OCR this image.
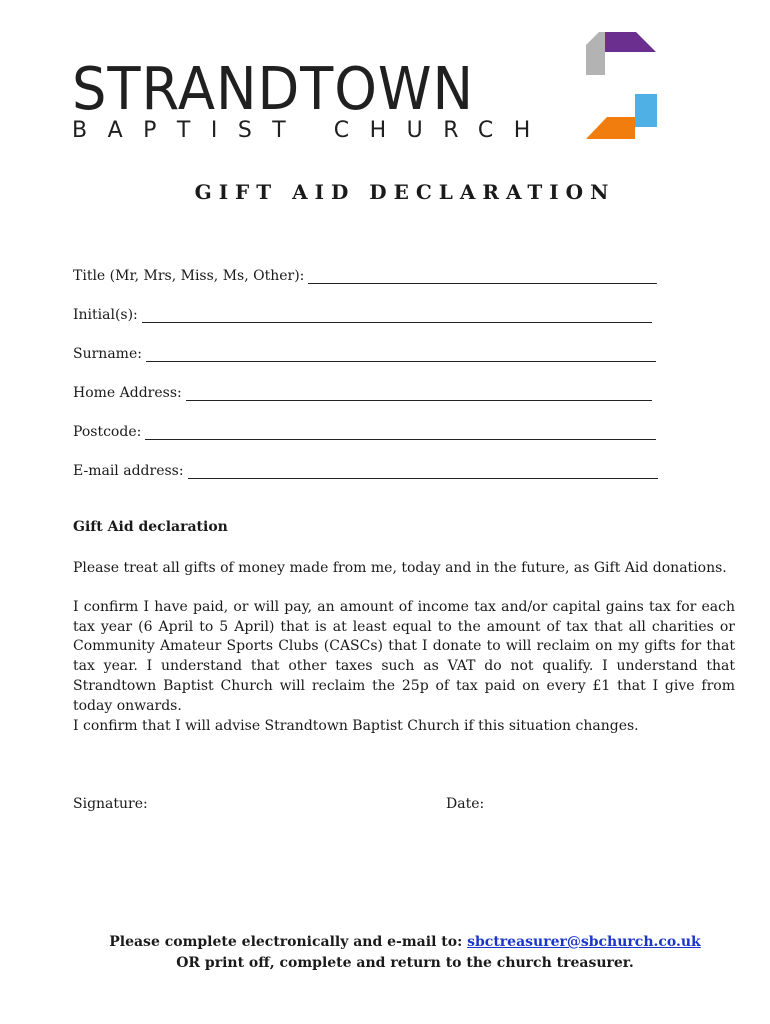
STRANDTOWN
BAPTIST CHURCH
GIFT AID DECLARATION
Title (Mr, Mrs, Miss, Ms, Other):
Initial(s):
Surname:
Home Address:
Postcode:
E-mail address:
Gift Aid declaration

Please treat all gifts of money made from me, today and in the future, as Gift Aid donations.

I confirm I have paid, or will pay, an amount of income tax and/or capital gains tax for each tax year (6 April to 5 April) that is at least equal to the amount of tax that all charities or Community Amateur Sports Clubs (CASCs) that I donate to will reclaim on my gifts for that tax year. I understand that other taxes such as VAT do not qualify. I understand that Strandtown Baptist Church will reclaim the 25p of tax paid on every £1 that I give from today onwards.

I confirm that I will advise Strandtown Baptist Church if this situation changes.

Signature:	Date:
Please complete electronically and e-mail to: sbctreasurer@sbchurch.co.uk
OR print off, complete and return to the church treasurer.
